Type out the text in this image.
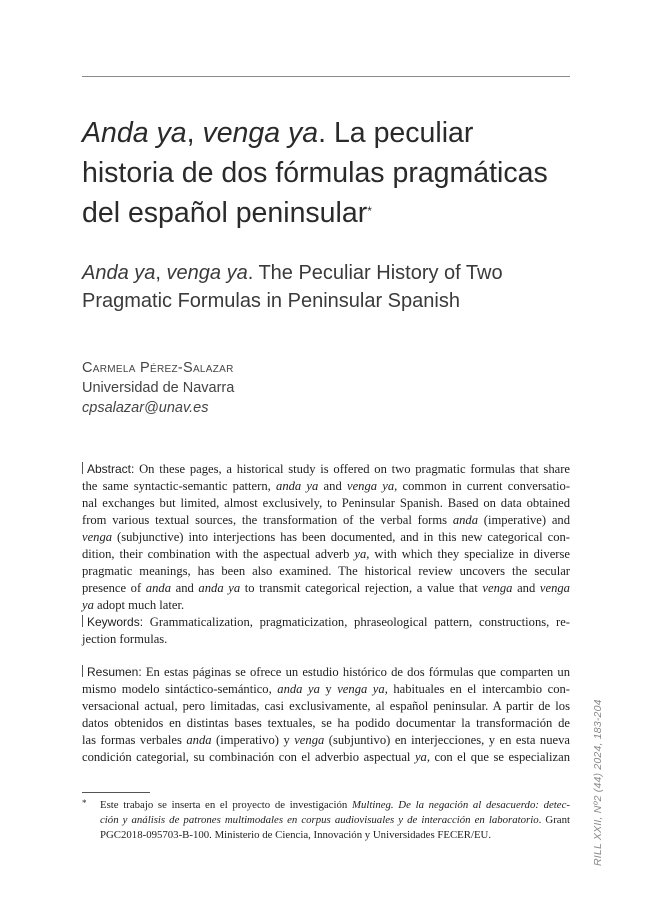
Anda ya, venga ya. La peculiar
historia de dos fórmulas pragmáticas
del español peninsular*
Anda ya, venga ya. The Peculiar History of Two
Pragmatic Formulas in Peninsular Spanish
Carmela Pérez-Salazar
Universidad de Navarra
cpsalazar@unav.es
Abstract: On these pages, a historical study is offered on two pragmatic formulas that share
the same syntactic-semantic pattern, anda ya and venga ya, common in current conversatio-
nal exchanges but limited, almost exclusively, to Peninsular Spanish. Based on data obtained
from various textual sources, the transformation of the verbal forms anda (imperative) and
venga (subjunctive) into interjections has been documented, and in this new categorical con-
dition, their combination with the aspectual adverb ya, with which they specialize in diverse
pragmatic meanings, has been also examined. The historical review uncovers the secular
presence of anda and anda ya to transmit categorical rejection, a value that venga and venga
ya adopt much later.
Keywords: Grammaticalization, pragmaticization, phraseological pattern, constructions, re-
jection formulas.
Resumen: En estas páginas se ofrece un estudio histórico de dos fórmulas que comparten un
mismo modelo sintáctico-semántico, anda ya y venga ya, habituales en el intercambio con-
versacional actual, pero limitadas, casi exclusivamente, al español peninsular. A partir de los
datos obtenidos en distintas bases textuales, se ha podido documentar la transformación de
las formas verbales anda (imperativo) y venga (subjuntivo) en interjecciones, y en esta nueva
condición categorial, su combinación con el adverbio aspectual ya, con el que se especializan
* Este trabajo se inserta en el proyecto de investigación Multineg. De la negación al desacuerdo: detec-
ción y análisis de patrones multimodales en corpus audiovisuales y de interacción en laboratorio. Grant
PGC2018-095703-B-100. Ministerio de Ciencia, Innovación y Universidades FECER/EU.	RILL XXII, Nº2 (44) 2024, 183-204
